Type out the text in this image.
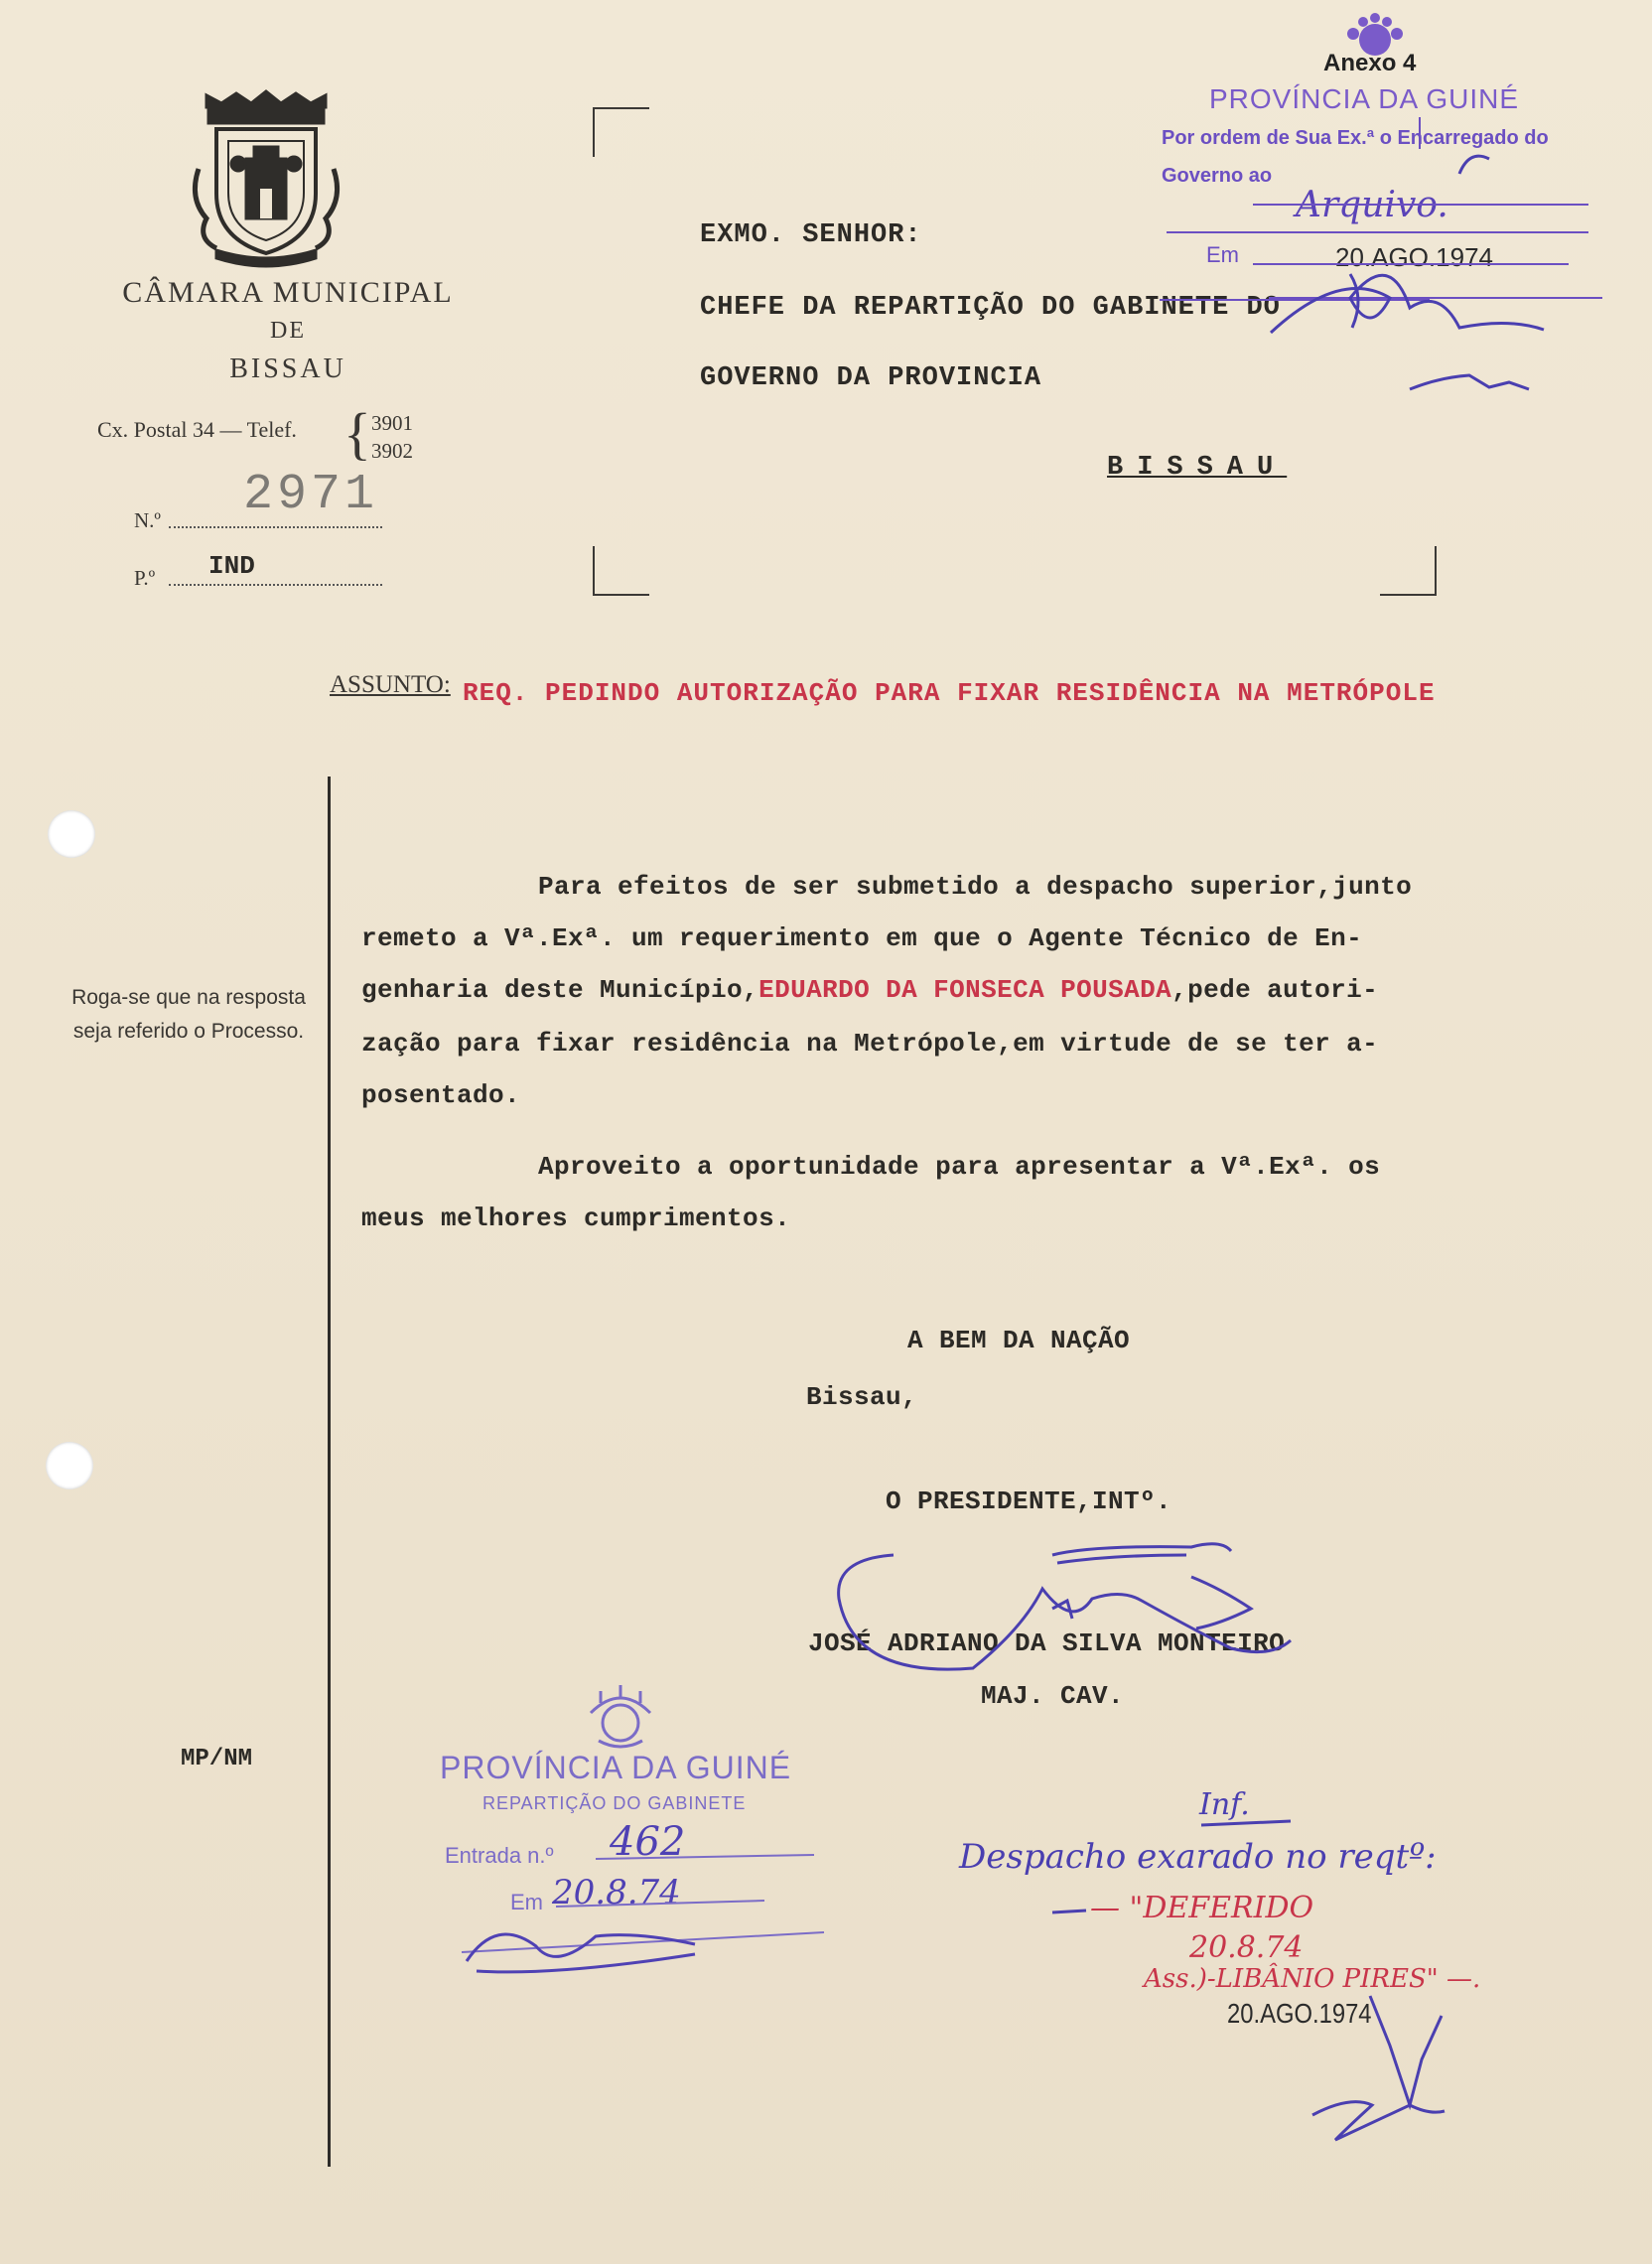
CÂMARA MUNICIPAL
DE
BISSAU
Cx. Postal 34 — Telef. { 3901
3902
N.º 2971
P.º IND
EXMO. SENHOR:
CHEFE DA REPARTIÇÃO DO GABINETE DO
GOVERNO DA PROVINCIA
BISSAU
ASSUNTO: REQ. PEDINDO AUTORIZAÇÃO PARA FIXAR RESIDÊNCIA NA METRÓPOLE
Roga-se que na resposta seja referido o Processo.
MP/NM
Para efeitos de ser submetido a despacho superior,junto
remeto a Vª.Exª. um requerimento em que o Agente Técnico de En-
genharia deste Município,EDUARDO DA FONSECA POUSADA,pede autori-
zação para fixar residência na Metrópole,em virtude de se ter a-
posentado.
Aproveito a oportunidade para apresentar a Vª.Exª. os
meus melhores cumprimentos.
A BEM DA NAÇÃO
Bissau,
O PRESIDENTE,INTº.
JOSÉ ADRIANO DA SILVA MONTEIRO
MAJ. CAV.
Anexo 4
PROVÍNCIA DA GUINÉ
Por ordem de Sua Ex.ª o Encarregado do
Governo ao
Arquivo.
Em	20.AGO.1974
PROVÍNCIA DA GUINÉ
REPARTIÇÃO DO GABINETE
Entrada n.º 462
Em 20.8.74
Inf.
Despacho exarado no reqtº:
— "DEFERIDO
20.8.74
Ass.)-LIBÂNIO PIRES" —.
20.AGO.1974
